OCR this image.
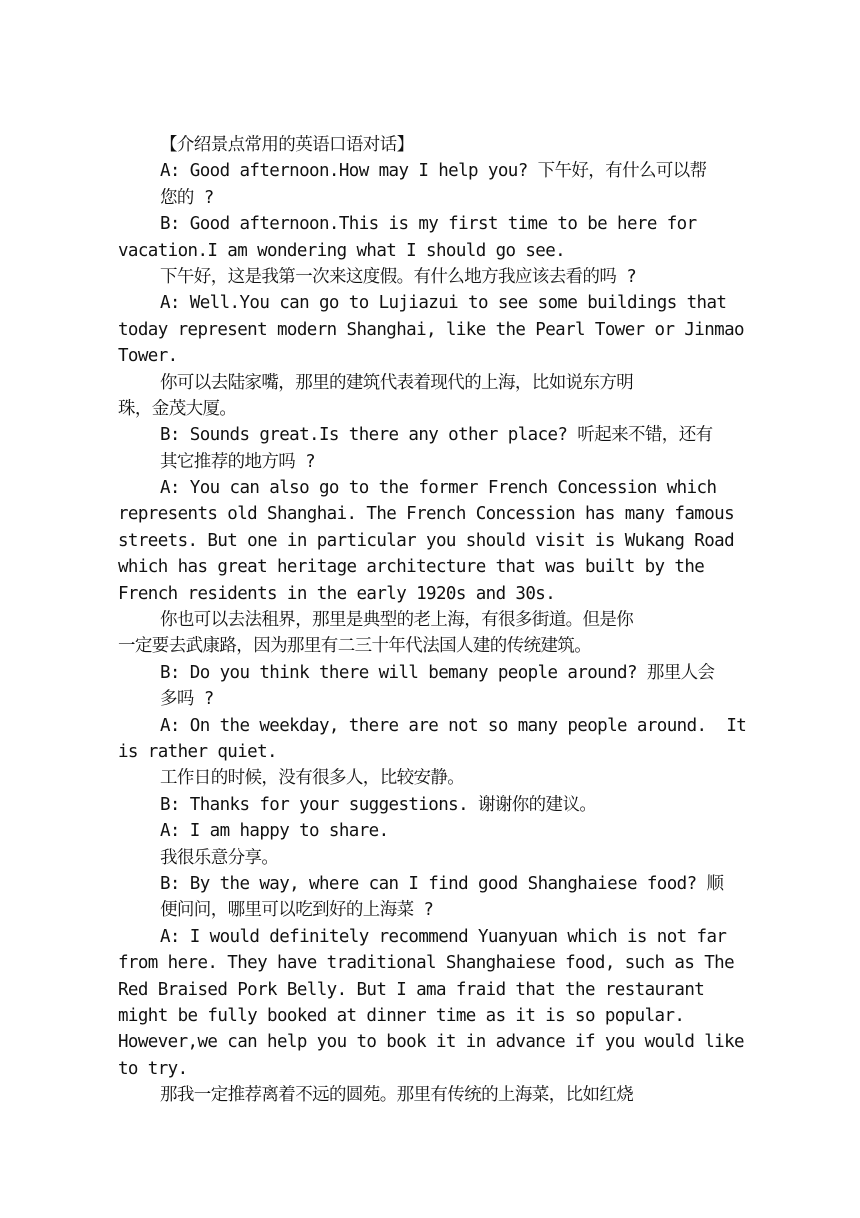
【介绍景点常用的英语口语对话】
A: Good afternoon.How may I help you? 下午好，有什么可以帮
您的 ?
B: Good afternoon.This is my first time to be here for
vacation.I am wondering what I should go see.
下午好，这是我第一次来这度假。有什么地方我应该去看的吗 ?
A: Well.You can go to Lujiazui to see some buildings that
today represent modern Shanghai, like the Pearl Tower or Jinmao
Tower.
你可以去陆家嘴，那里的建筑代表着现代的上海，比如说东方明
珠，金茂大厦。
B: Sounds great.Is there any other place? 听起来不错，还有
其它推荐的地方吗 ?
A: You can also go to the former French Concession which
represents old Shanghai. The French Concession has many famous
streets. But one in particular you should visit is Wukang Road
which has great heritage architecture that was built by the
French residents in the early 1920s and 30s.
你也可以去法租界，那里是典型的老上海，有很多街道。但是你
一定要去武康路，因为那里有二三十年代法国人建的传统建筑。
B: Do you think there will bemany people around? 那里人会
多吗 ?
A: On the weekday, there are not so many people around.  It
is rather quiet.
工作日的时候，没有很多人，比较安静。
B: Thanks for your suggestions. 谢谢你的建议。
A: I am happy to share.
我很乐意分享。
B: By the way, where can I find good Shanghaiese food? 顺
便问问，哪里可以吃到好的上海菜 ?
A: I would definitely recommend Yuanyuan which is not far
from here. They have traditional Shanghaiese food, such as The
Red Braised Pork Belly. But I ama fraid that the restaurant
might be fully booked at dinner time as it is so popular.
However,we can help you to book it in advance if you would like
to try.
那我一定推荐离着不远的圆苑。那里有传统的上海菜，比如红烧
